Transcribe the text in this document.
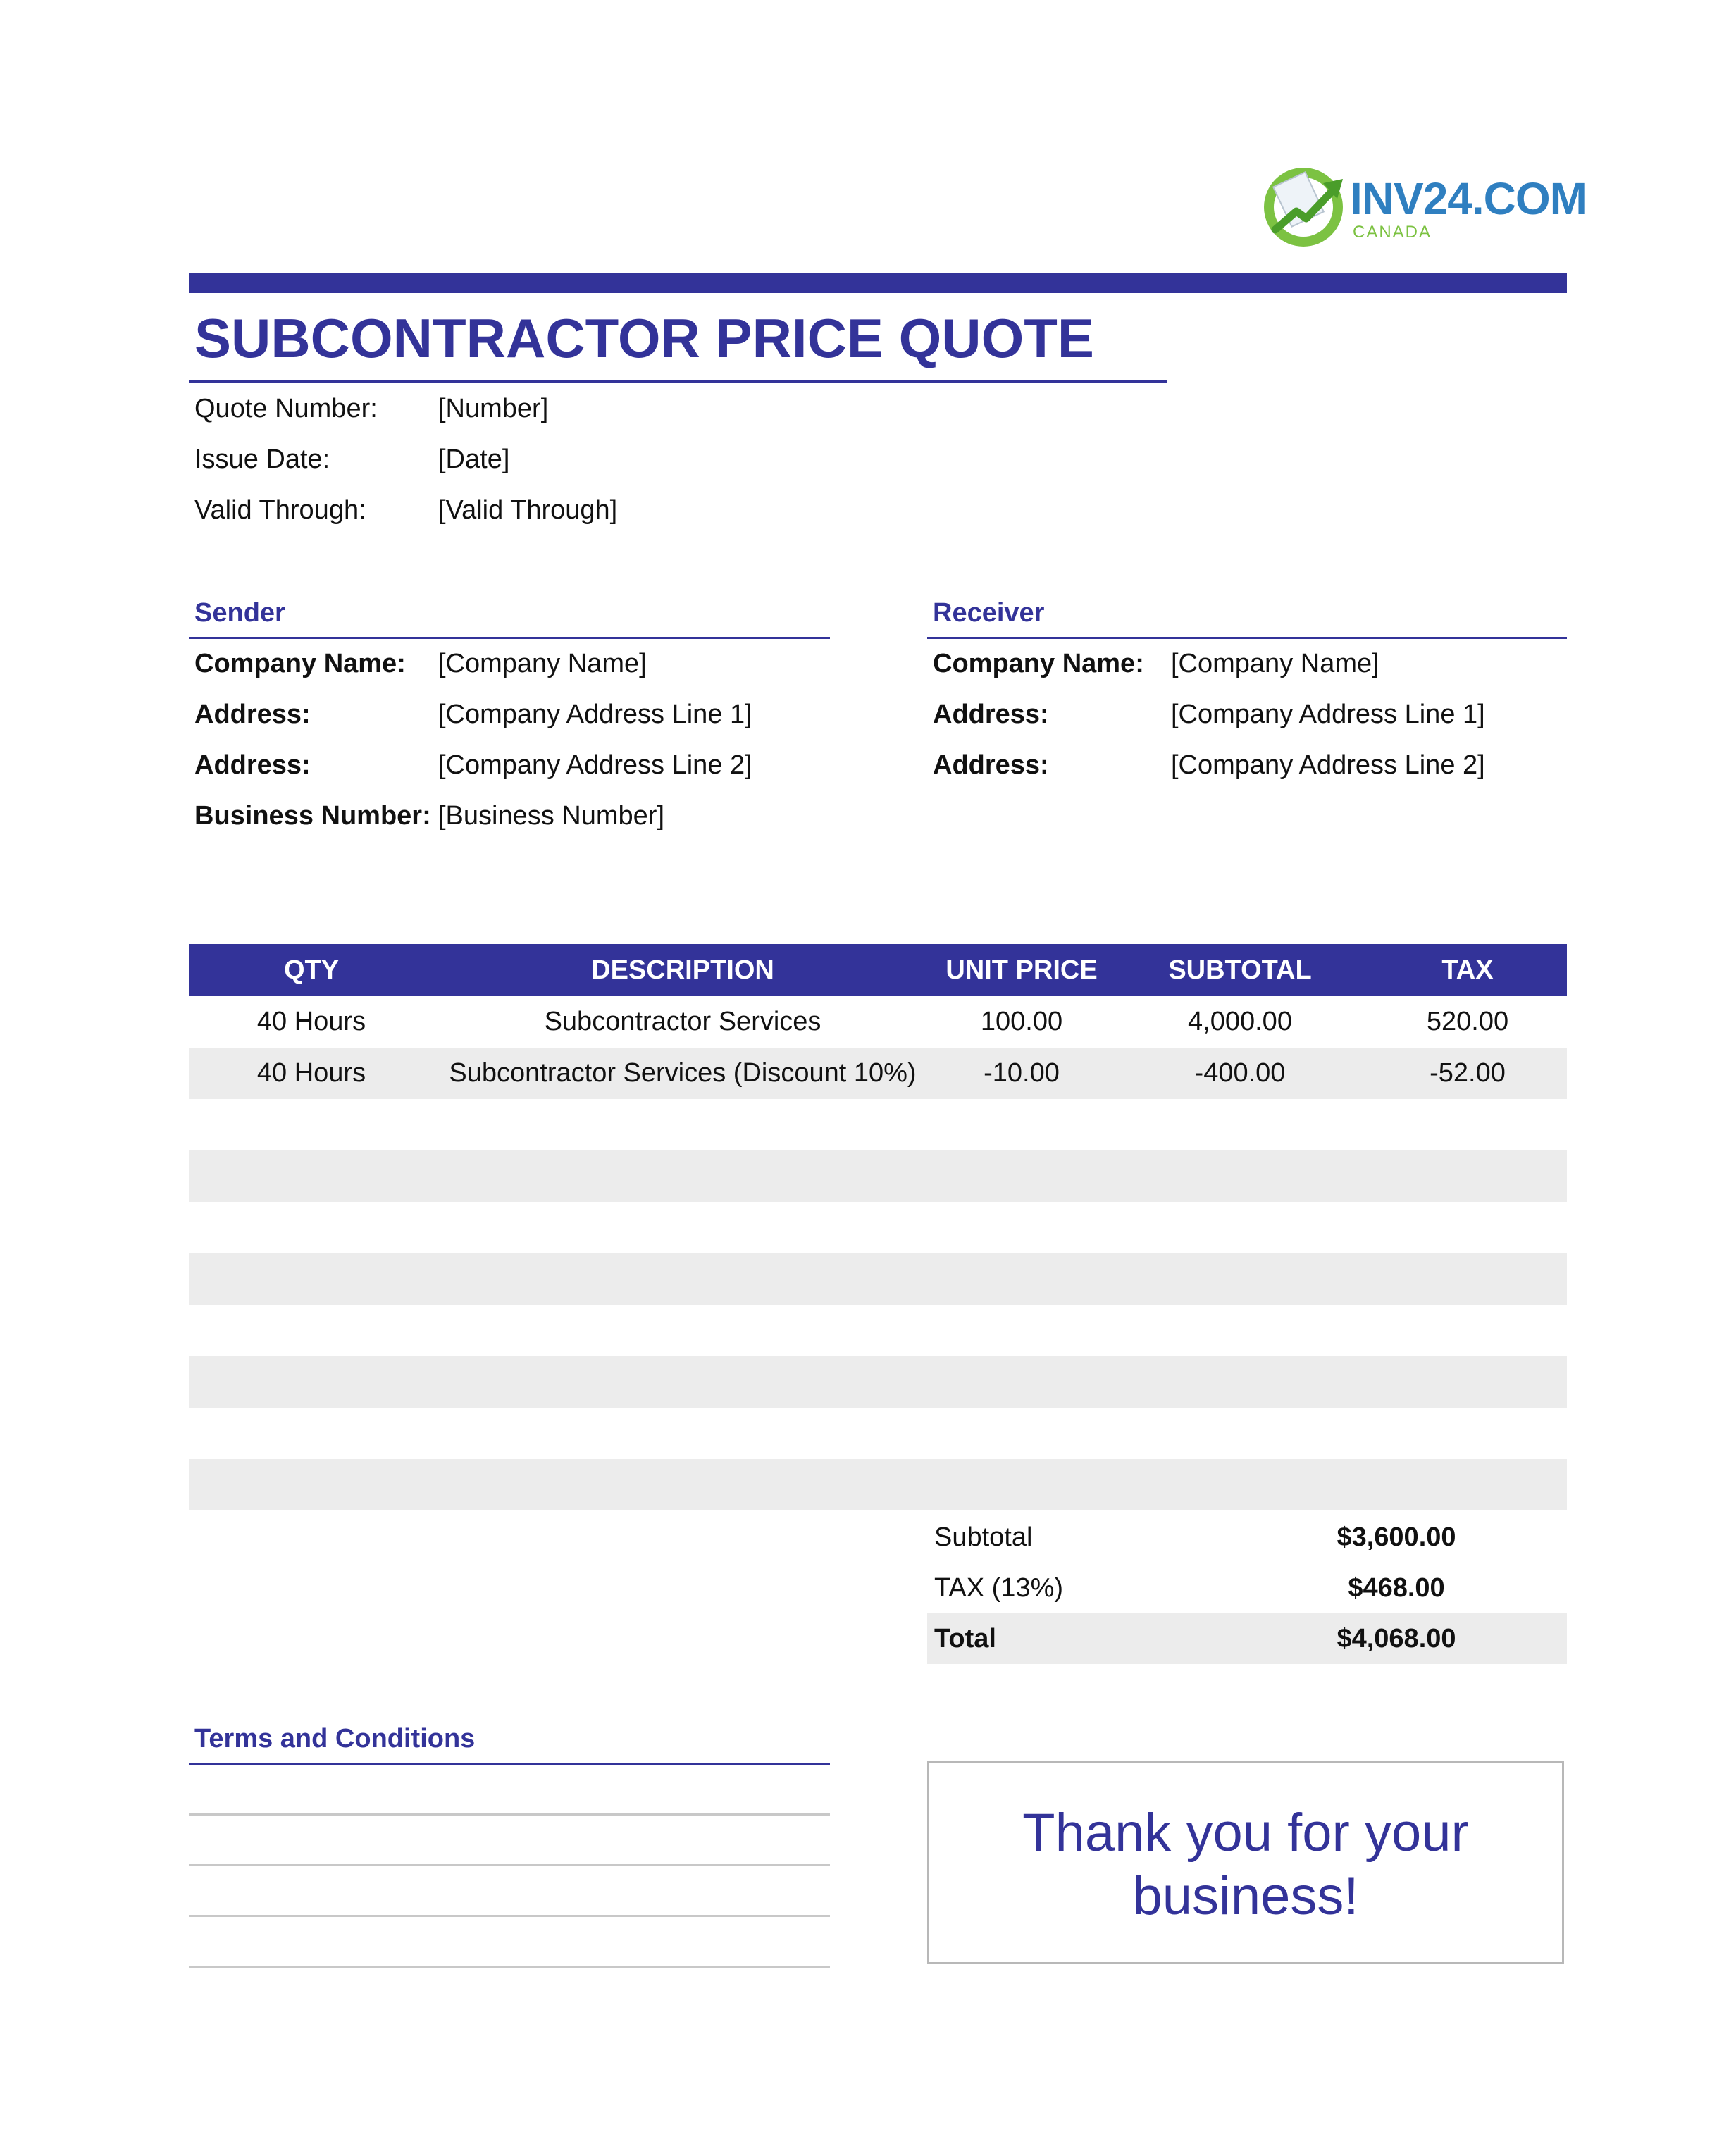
INV24.COM
CANADA
SUBCONTRACTOR PRICE QUOTE
Quote Number: [Number]
Issue Date:	[Date]
Valid Through:	[Valid Through]
Sender
Company Name: [Company Name]
Address:	[Company Address Line 1]
Address:	[Company Address Line 2]
Business Number: [Business Number]
Receiver
Company Name: [Company Name]
Address:	[Company Address Line 1]
Address:	[Company Address Line 2]
QTY	DESCRIPTION	UNIT PRICE	SUBTOTAL	TAX
40 Hours	Subcontractor Services	100.00	4,000.00	520.00
40 Hours	Subcontractor Services (Discount 10%)	-10.00	-400.00	-52.00
Subtotal	$3,600.00
TAX (13%)	$468.00
Total	$4,068.00
Terms and Conditions
Thank you for your
business!
